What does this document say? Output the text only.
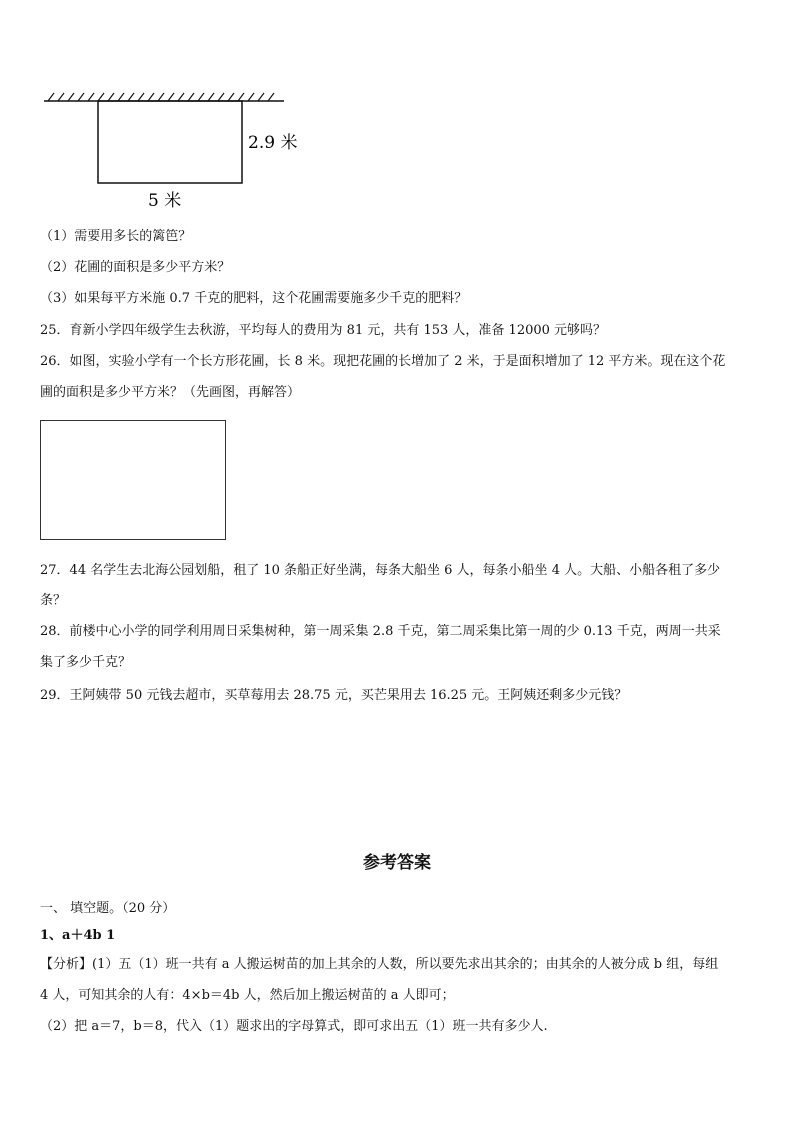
2.9 米
5 米
（1）需要用多长的篱笆？
（2）花圃的面积是多少平方米？
（3）如果每平方米施 0.7 千克的肥料，这个花圃需要施多少千克的肥料？
25．育新小学四年级学生去秋游，平均每人的费用为 81 元，共有 153 人，准备 12000 元够吗？
26．如图，实验小学有一个长方形花圃，长 8 米。现把花圃的长增加了 2 米，于是面积增加了 12 平方米。现在这个花
圃的面积是多少平方米？（先画图，再解答）
27．44 名学生去北海公园划船，租了 10 条船正好坐满，每条大船坐 6 人，每条小船坐 4 人。大船、小船各租了多少
条？
28．前楼中心小学的同学利用周日采集树种，第一周采集 2.8 千克，第二周采集比第一周的少 0.13 千克，两周一共采
集了多少千克？
29．王阿姨带 50 元钱去超市，买草莓用去 28.75 元，买芒果用去 16.25 元。王阿姨还剩多少元钱？
参考答案
一、 填空题。（20 分）
1、a＋4b 1
【分析】(1）五（1）班一共有 a 人搬运树苗的加上其余的人数，所以要先求出其余的；由其余的人被分成 b 组，每组
4 人，可知其余的人有：4×b＝4b 人，然后加上搬运树苗的 a 人即可；
（2）把 a＝7，b＝8，代入（1）题求出的字母算式，即可求出五（1）班一共有多少人.
